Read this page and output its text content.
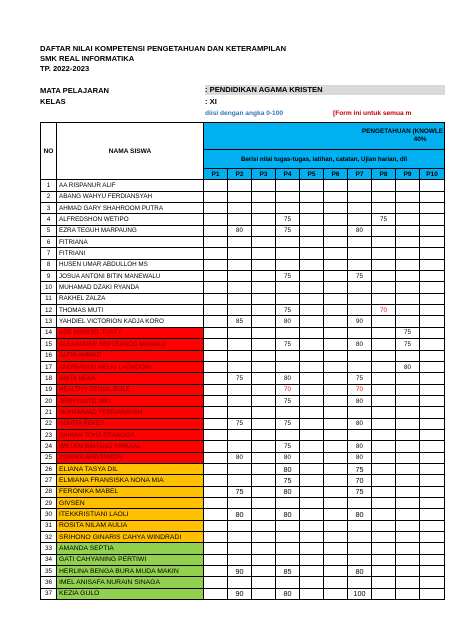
DAFTAR NILAI KOMPETENSI PENGETAHUAN DAN KETERAMPILAN
SMK REAL INFORMATIKA
TP. 2022-2023
MATA PELAJARAN	: PENDIDIKAN AGAMA KRISTEN
KELAS	: XI
diisi dengan angka 0-100	[Form ini untuk semua m
NO	NAMA SISWA	PENGETAHUAN (KNOWLE
40%									
		Berisi nilai tugas-tugas, latihan, catatan, Ujian harian, dll									
		P1	P2	P3	P4	P5	P6	P7	P8	P9	P10
1	AA RISPANUR ALIF										
2	ABANG WAHYU FERDIANSYAH										
3	AHMAD GARY SHAHROOM PUTRA										
4	ALFREDSHON WETIPO				75				75		
5	EZRA TEGUH MARPAUNG		80		75			80			
6	FITRIANA										
7	FITRIANI										
8	HUSEN UMAR ABDULLOH MS										
9	JOSUA ANTONI BITIN MANEWALU				75			75			
10	MUHAMAD DZAKI RYANDA										
11	RAKHEL ZALZA										
12	THOMAS MUTI				75				70		
13	YAHDIEL VICTORION KADJA KORO		85		80			90			
14	ADE MANUEL TUATY									75	
15	ALEXANDER SEPTEANDO MANALU				75			80		75	
16	ALFIN AHMAD										
17	ANDRIANUS MELKI LAGADONI									80	
18	ANITA NEKA		75		80			75			
19	HEALTHY SENIAL BOLE				70			70			
20	JERRYANTO SIKI				75			80			
21	MUHAMMAD FEBRIANSYAH										
22	NOVITA PEKEY		75		75			80			
23	RAIHAN TOHA ERANGGA										
24	WILLEM BINTANG SIRKAAL				75			80			
25	YUWIKA APINTAMON		80		80			80			
26	ELIANA TASYA DIL				80			75			
27	ELMIANA FRANSISKA NONA MIA				75			70			
28	FERONIKA MABEL		75		80			75			
29	GIVSEN										
30	ITEKKRISTIANI LAOLI		80		80			80			
31	ROSITA NILAM AULIA										
32	SRIHONO GINARIS CAHYA WINDRADI										
33	AMANDA SEPTIA										
34	GATI CAHYANING PERTIWI										
35	HERLINA BENGA BURA MUDA MAKIN		90		85			80			
36	IMEL ANISAFA NURAIN SINAGA										
37	KEZIA GULO		90		80			100			
